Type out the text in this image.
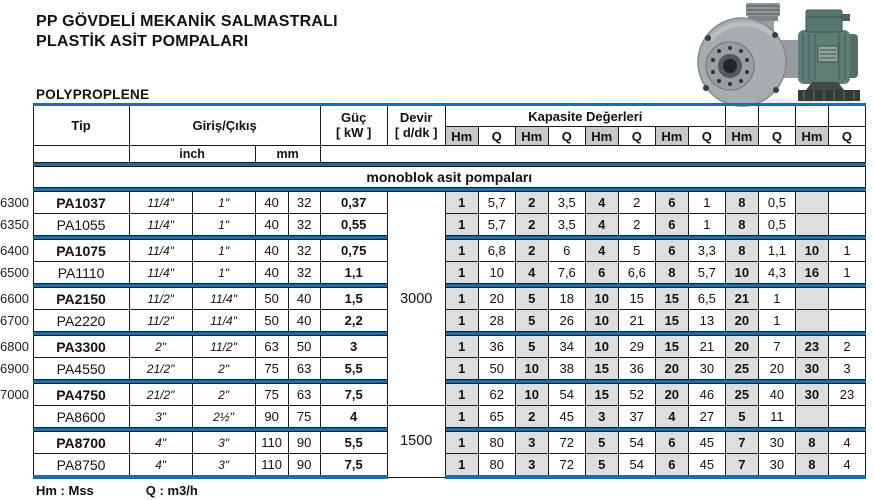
PP GÖVDELİ MEKANİK SALMASTRALI
PLASTİK ASİT POMPALARI
POLYPROPLENE
	Tip	Giriş/Çıkış	
Güç
[ kW ]

Devir
[ d/dk ]
	Kapasite Değerleri				
								Hm	Q	Hm	Q	Hm	Q	Hm	Q	Hm	Q	Hm	Q
		inch		mm															

	monoblok asit pompaları																		

6300	PA1037	11/4"	1"	40	32	0,37	3000	1	5,7	2	3,5	4	2	6	1	8	0,5		
6350	PA1055	11/4"	1"	40	32	0,55		1	5,7	2	3,5	4	2	6	1	8	0,5		

6400	PA1075	11/4"	1"	40	32	0,75		1	6,8	2	6	4	5	6	3,3	8	1,1	10	1
6500	PA1110	11/4"	1"	40	32	1,1		1	10	4	7,6	6	6,6	8	5,7	10	4,3	16	1

6600	PA2150	11/2"	11/4"	50	40	1,5		1	20	5	18	10	15	15	6,5	21	1		
6700	PA2220	11/2"	11/4"	50	40	2,2		1	28	5	26	10	21	15	13	20	1		

6800	PA3300	2"	11/2"	63	50	3		1	36	5	34	10	29	15	21	20	7	23	2
6900	PA4550	21/2"	2"	75	63	5,5		1	50	10	38	15	36	20	30	25	20	30	3

7000	PA4750	21/2"	2"	75	63	7,5		1	62	10	54	15	52	20	46	25	40	30	23
	PA8600	3"	2½"	90	75	4	1500	1	65	2	45	3	37	4	27	5	11		

	PA8700	4"	3"	110	90	5,5		1	80	3	72	5	54	6	45	7	30	8	4
	PA8750	4"	3"	110	90	7,5		1	80	3	72	5	54	6	45	7	30	8	4
Hm : Mss	Q : m3/h
